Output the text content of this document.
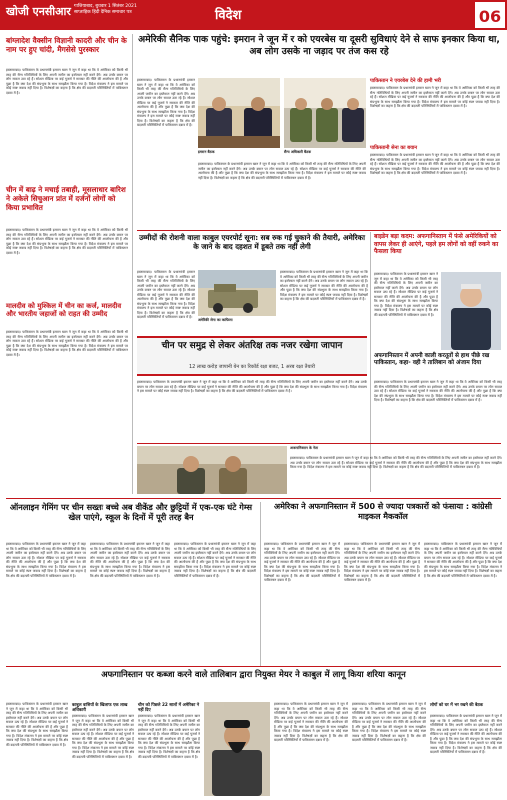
खोजी एनसीआर गाजियाबाद, बुधवार 1 सितंबर 2021
साप्ताहिक हिंदी दैनिक समाचार पत्र	विदेश	06
बांग्लादेश वैक्सीन विज्ञानी कादरी और चीन के नाम पर हुए चांदी, मैगसेसे पुरस्कार
इस्लामाबाद। पाकिस्तान के प्रधानमंत्री इमरान खान ने जून में कहा था कि वे अमेरिका को किसी भी तरह की सैन्य गतिविधियों के लिए अपनी जमीन का इस्तेमाल नहीं करने देंगे। अब उनके बयान पर लोग सवाल उठा रहे हैं। सोशल मीडिया पर कई यूजर्स ने सरकार की नीति की आलोचना की है और पूछा है कि क्या देश की संप्रभुता के साथ समझौता किया गया है। विदेश मंत्रालय ने इस मामले पर कोई स्पष्ट जवाब नहीं दिया है। विशेषज्ञों का कहना है कि क्षेत्र की बदलती परिस्थितियों में पाकिस्तान दबाव में है।
चीन में बाढ़ ने मचाई तबाही, मूसलाधार बारिश ने अकेले सिचुआन प्रांत में दर्जनों लोगों को किया प्रभावित
इस्लामाबाद। पाकिस्तान के प्रधानमंत्री इमरान खान ने जून में कहा था कि वे अमेरिका को किसी भी तरह की सैन्य गतिविधियों के लिए अपनी जमीन का इस्तेमाल नहीं करने देंगे। अब उनके बयान पर लोग सवाल उठा रहे हैं। सोशल मीडिया पर कई यूजर्स ने सरकार की नीति की आलोचना की है और पूछा है कि क्या देश की संप्रभुता के साथ समझौता किया गया है। विदेश मंत्रालय ने इस मामले पर कोई स्पष्ट जवाब नहीं दिया है। विशेषज्ञों का कहना है कि क्षेत्र की बदलती परिस्थितियों में पाकिस्तान दबाव में है।
मालदीव को मुश्किल में चीन का कर्ज, मालदीव और भारतीय जहाजों को राहत की उम्मीद
इस्लामाबाद। पाकिस्तान के प्रधानमंत्री इमरान खान ने जून में कहा था कि वे अमेरिका को किसी भी तरह की सैन्य गतिविधियों के लिए अपनी जमीन का इस्तेमाल नहीं करने देंगे। अब उनके बयान पर लोग सवाल उठा रहे हैं। सोशल मीडिया पर कई यूजर्स ने सरकार की नीति की आलोचना की है और पूछा है कि क्या देश की संप्रभुता के साथ समझौता किया गया है। विदेश मंत्रालय ने इस मामले पर कोई स्पष्ट जवाब नहीं दिया है। विशेषज्ञों का कहना है कि क्षेत्र की बदलती परिस्थितियों में पाकिस्तान दबाव में है।
अमेरिकी सैनिक पाक पहुंचे: इमरान ने जून में र को एयरबेस या दूसरी सुविधाएं देने से साफ इनकार किया था, अब लोग उसके ना जड़ाद पर तंज कस रहे
इस्लामाबाद। पाकिस्तान के प्रधानमंत्री इमरान खान ने जून में कहा था कि वे अमेरिका को किसी भी तरह की सैन्य गतिविधियों के लिए अपनी जमीन का इस्तेमाल नहीं करने देंगे। अब उनके बयान पर लोग सवाल उठा रहे हैं। सोशल मीडिया पर कई यूजर्स ने सरकार की नीति की आलोचना की है और पूछा है कि क्या देश की संप्रभुता के साथ समझौता किया गया है। विदेश मंत्रालय ने इस मामले पर कोई स्पष्ट जवाब नहीं दिया है। विशेषज्ञों का कहना है कि क्षेत्र की बदलती परिस्थितियों में पाकिस्तान दबाव में है।
इमरान बैठक	सैन्य अधिकारी बैठक
इस्लामाबाद। पाकिस्तान के प्रधानमंत्री इमरान खान ने जून में कहा था कि वे अमेरिका को किसी भी तरह की सैन्य गतिविधियों के लिए अपनी जमीन का इस्तेमाल नहीं करने देंगे। अब उनके बयान पर लोग सवाल उठा रहे हैं। सोशल मीडिया पर कई यूजर्स ने सरकार की नीति की आलोचना की है और पूछा है कि क्या देश की संप्रभुता के साथ समझौता किया गया है। विदेश मंत्रालय ने इस मामले पर कोई स्पष्ट जवाब नहीं दिया है। विशेषज्ञों का कहना है कि क्षेत्र की बदलती परिस्थितियों में पाकिस्तान दबाव में है।
पाकिस्तान ने एयरबेस देने की हामी भरी
इस्लामाबाद। पाकिस्तान के प्रधानमंत्री इमरान खान ने जून में कहा था कि वे अमेरिका को किसी भी तरह की सैन्य गतिविधियों के लिए अपनी जमीन का इस्तेमाल नहीं करने देंगे। अब उनके बयान पर लोग सवाल उठा रहे हैं। सोशल मीडिया पर कई यूजर्स ने सरकार की नीति की आलोचना की है और पूछा है कि क्या देश की संप्रभुता के साथ समझौता किया गया है। विदेश मंत्रालय ने इस मामले पर कोई स्पष्ट जवाब नहीं दिया है। विशेषज्ञों का कहना है कि क्षेत्र की बदलती परिस्थितियों में पाकिस्तान दबाव में है।
पाकिस्तानी सेना का बयान
इस्लामाबाद। पाकिस्तान के प्रधानमंत्री इमरान खान ने जून में कहा था कि वे अमेरिका को किसी भी तरह की सैन्य गतिविधियों के लिए अपनी जमीन का इस्तेमाल नहीं करने देंगे। अब उनके बयान पर लोग सवाल उठा रहे हैं। सोशल मीडिया पर कई यूजर्स ने सरकार की नीति की आलोचना की है और पूछा है कि क्या देश की संप्रभुता के साथ समझौता किया गया है। विदेश मंत्रालय ने इस मामले पर कोई स्पष्ट जवाब नहीं दिया है। विशेषज्ञों का कहना है कि क्षेत्र की बदलती परिस्थितियों में पाकिस्तान दबाव में है।
उम्मीदों की रोशनी वाला काबुल एयरपोर्ट सूना: सब रुक गई चुकाने की तैयारी, अमेरिका के जाने के बाद दहशत में डूबते तक नहीं लेगी
इस्लामाबाद। पाकिस्तान के प्रधानमंत्री इमरान खान ने जून में कहा था कि वे अमेरिका को किसी भी तरह की सैन्य गतिविधियों के लिए अपनी जमीन का इस्तेमाल नहीं करने देंगे। अब उनके बयान पर लोग सवाल उठा रहे हैं। सोशल मीडिया पर कई यूजर्स ने सरकार की नीति की आलोचना की है और पूछा है कि क्या देश की संप्रभुता के साथ समझौता किया गया है। विदेश मंत्रालय ने इस मामले पर कोई स्पष्ट जवाब नहीं दिया है। विशेषज्ञों का कहना है कि क्षेत्र की बदलती परिस्थितियों में पाकिस्तान दबाव में है।
अमेरिकी सेना का काफिला
इस्लामाबाद। पाकिस्तान के प्रधानमंत्री इमरान खान ने जून में कहा था कि वे अमेरिका को किसी भी तरह की सैन्य गतिविधियों के लिए अपनी जमीन का इस्तेमाल नहीं करने देंगे। अब उनके बयान पर लोग सवाल उठा रहे हैं। सोशल मीडिया पर कई यूजर्स ने सरकार की नीति की आलोचना की है और पूछा है कि क्या देश की संप्रभुता के साथ समझौता किया गया है। विदेश मंत्रालय ने इस मामले पर कोई स्पष्ट जवाब नहीं दिया है। विशेषज्ञों का कहना है कि क्षेत्र की बदलती परिस्थितियों में पाकिस्तान दबाव में है।
चीन पर समुद्र से लेकर अंतरिक्ष तक नजर रखेगा जापान
12 लाख करोड़ जापानी येन का रिकॉर्ड रक्षा बजट, 1 अरब रक्षा तैयारी
इस्लामाबाद। पाकिस्तान के प्रधानमंत्री इमरान खान ने जून में कहा था कि वे अमेरिका को किसी भी तरह की सैन्य गतिविधियों के लिए अपनी जमीन का इस्तेमाल नहीं करने देंगे। अब उनके बयान पर लोग सवाल उठा रहे हैं। सोशल मीडिया पर कई यूजर्स ने सरकार की नीति की आलोचना की है और पूछा है कि क्या देश की संप्रभुता के साथ समझौता किया गया है। विदेश मंत्रालय ने इस मामले पर कोई स्पष्ट जवाब नहीं दिया है। विशेषज्ञों का कहना है कि क्षेत्र की बदलती परिस्थितियों में पाकिस्तान दबाव में है।
बाइडेन बड़ा कदम: अफगानिस्तान में फंसे अमेरिकियों को वापस लेकर ही आएंगे, पहले हम लोगों को वहीं रुकने का फैसला किया
इस्लामाबाद। पाकिस्तान के प्रधानमंत्री इमरान खान ने जून में कहा था कि वे अमेरिका को किसी भी तरह की सैन्य गतिविधियों के लिए अपनी जमीन का इस्तेमाल नहीं करने देंगे। अब उनके बयान पर लोग सवाल उठा रहे हैं। सोशल मीडिया पर कई यूजर्स ने सरकार की नीति की आलोचना की है और पूछा है कि क्या देश की संप्रभुता के साथ समझौता किया गया है। विदेश मंत्रालय ने इस मामले पर कोई स्पष्ट जवाब नहीं दिया है। विशेषज्ञों का कहना है कि क्षेत्र की बदलती परिस्थितियों में पाकिस्तान दबाव में है।
अफगानिस्तान में अपनी काली करतूतों से हाथ पीछे रख पाकिस्तान, कहा- वही ने तालिबान को अंजाम दिया
इस्लामाबाद। पाकिस्तान के प्रधानमंत्री इमरान खान ने जून में कहा था कि वे अमेरिका को किसी भी तरह की सैन्य गतिविधियों के लिए अपनी जमीन का इस्तेमाल नहीं करने देंगे। अब उनके बयान पर लोग सवाल उठा रहे हैं। सोशल मीडिया पर कई यूजर्स ने सरकार की नीति की आलोचना की है और पूछा है कि क्या देश की संप्रभुता के साथ समझौता किया गया है। विदेश मंत्रालय ने इस मामले पर कोई स्पष्ट जवाब नहीं दिया है। विशेषज्ञों का कहना है कि क्षेत्र की बदलती परिस्थितियों में पाकिस्तान दबाव में है।
अफगानिस्तान के नेता
इस्लामाबाद। पाकिस्तान के प्रधानमंत्री इमरान खान ने जून में कहा था कि वे अमेरिका को किसी भी तरह की सैन्य गतिविधियों के लिए अपनी जमीन का इस्तेमाल नहीं करने देंगे। अब उनके बयान पर लोग सवाल उठा रहे हैं। सोशल मीडिया पर कई यूजर्स ने सरकार की नीति की आलोचना की है और पूछा है कि क्या देश की संप्रभुता के साथ समझौता किया गया है। विदेश मंत्रालय ने इस मामले पर कोई स्पष्ट जवाब नहीं दिया है। विशेषज्ञों का कहना है कि क्षेत्र की बदलती परिस्थितियों में पाकिस्तान दबाव में है।
ऑनलाइन गेमिंग पर चीन सख्तः बच्चे अब वीकेंड और छुट्टियों में एक-एक घंटे गेम्स खेल पाएंगे, स्कूल के दिनों में पूरी तरह बैन
इस्लामाबाद। पाकिस्तान के प्रधानमंत्री इमरान खान ने जून में कहा था कि वे अमेरिका को किसी भी तरह की सैन्य गतिविधियों के लिए अपनी जमीन का इस्तेमाल नहीं करने देंगे। अब उनके बयान पर लोग सवाल उठा रहे हैं। सोशल मीडिया पर कई यूजर्स ने सरकार की नीति की आलोचना की है और पूछा है कि क्या देश की संप्रभुता के साथ समझौता किया गया है। विदेश मंत्रालय ने इस मामले पर कोई स्पष्ट जवाब नहीं दिया है। विशेषज्ञों का कहना है कि क्षेत्र की बदलती परिस्थितियों में पाकिस्तान दबाव में है।
इस्लामाबाद। पाकिस्तान के प्रधानमंत्री इमरान खान ने जून में कहा था कि वे अमेरिका को किसी भी तरह की सैन्य गतिविधियों के लिए अपनी जमीन का इस्तेमाल नहीं करने देंगे। अब उनके बयान पर लोग सवाल उठा रहे हैं। सोशल मीडिया पर कई यूजर्स ने सरकार की नीति की आलोचना की है और पूछा है कि क्या देश की संप्रभुता के साथ समझौता किया गया है। विदेश मंत्रालय ने इस मामले पर कोई स्पष्ट जवाब नहीं दिया है। विशेषज्ञों का कहना है कि क्षेत्र की बदलती परिस्थितियों में पाकिस्तान दबाव में है।
इस्लामाबाद। पाकिस्तान के प्रधानमंत्री इमरान खान ने जून में कहा था कि वे अमेरिका को किसी भी तरह की सैन्य गतिविधियों के लिए अपनी जमीन का इस्तेमाल नहीं करने देंगे। अब उनके बयान पर लोग सवाल उठा रहे हैं। सोशल मीडिया पर कई यूजर्स ने सरकार की नीति की आलोचना की है और पूछा है कि क्या देश की संप्रभुता के साथ समझौता किया गया है। विदेश मंत्रालय ने इस मामले पर कोई स्पष्ट जवाब नहीं दिया है। विशेषज्ञों का कहना है कि क्षेत्र की बदलती परिस्थितियों में पाकिस्तान दबाव में है।
अमेरिका ने अफगानिस्तान में 500 से ज्यादा पत्रकारों को फंसाया : कांग्रेसी माइकल मैककॉल
इस्लामाबाद। पाकिस्तान के प्रधानमंत्री इमरान खान ने जून में कहा था कि वे अमेरिका को किसी भी तरह की सैन्य गतिविधियों के लिए अपनी जमीन का इस्तेमाल नहीं करने देंगे। अब उनके बयान पर लोग सवाल उठा रहे हैं। सोशल मीडिया पर कई यूजर्स ने सरकार की नीति की आलोचना की है और पूछा है कि क्या देश की संप्रभुता के साथ समझौता किया गया है। विदेश मंत्रालय ने इस मामले पर कोई स्पष्ट जवाब नहीं दिया है। विशेषज्ञों का कहना है कि क्षेत्र की बदलती परिस्थितियों में पाकिस्तान दबाव में है।
इस्लामाबाद। पाकिस्तान के प्रधानमंत्री इमरान खान ने जून में कहा था कि वे अमेरिका को किसी भी तरह की सैन्य गतिविधियों के लिए अपनी जमीन का इस्तेमाल नहीं करने देंगे। अब उनके बयान पर लोग सवाल उठा रहे हैं। सोशल मीडिया पर कई यूजर्स ने सरकार की नीति की आलोचना की है और पूछा है कि क्या देश की संप्रभुता के साथ समझौता किया गया है। विदेश मंत्रालय ने इस मामले पर कोई स्पष्ट जवाब नहीं दिया है। विशेषज्ञों का कहना है कि क्षेत्र की बदलती परिस्थितियों में पाकिस्तान दबाव में है।
इस्लामाबाद। पाकिस्तान के प्रधानमंत्री इमरान खान ने जून में कहा था कि वे अमेरिका को किसी भी तरह की सैन्य गतिविधियों के लिए अपनी जमीन का इस्तेमाल नहीं करने देंगे। अब उनके बयान पर लोग सवाल उठा रहे हैं। सोशल मीडिया पर कई यूजर्स ने सरकार की नीति की आलोचना की है और पूछा है कि क्या देश की संप्रभुता के साथ समझौता किया गया है। विदेश मंत्रालय ने इस मामले पर कोई स्पष्ट जवाब नहीं दिया है। विशेषज्ञों का कहना है कि क्षेत्र की बदलती परिस्थितियों में पाकिस्तान दबाव में है।
अफगानिस्तान पर कब्जा करने वाले तालिबान द्वारा नियुक्त मेयर ने काबुल में लागू किया शरिया कानून
इस्लामाबाद। पाकिस्तान के प्रधानमंत्री इमरान खान ने जून में कहा था कि वे अमेरिका को किसी भी तरह की सैन्य गतिविधियों के लिए अपनी जमीन का इस्तेमाल नहीं करने देंगे। अब उनके बयान पर लोग सवाल उठा रहे हैं। सोशल मीडिया पर कई यूजर्स ने सरकार की नीति की आलोचना की है और पूछा है कि क्या देश की संप्रभुता के साथ समझौता किया गया है। विदेश मंत्रालय ने इस मामले पर कोई स्पष्ट जवाब नहीं दिया है। विशेषज्ञों का कहना है कि क्षेत्र की बदलती परिस्थितियों में पाकिस्तान दबाव में है।
काबुल वासियों के खिलाफ एक लाख अधिकारी
इस्लामाबाद। पाकिस्तान के प्रधानमंत्री इमरान खान ने जून में कहा था कि वे अमेरिका को किसी भी तरह की सैन्य गतिविधियों के लिए अपनी जमीन का इस्तेमाल नहीं करने देंगे। अब उनके बयान पर लोग सवाल उठा रहे हैं। सोशल मीडिया पर कई यूजर्स ने सरकार की नीति की आलोचना की है और पूछा है कि क्या देश की संप्रभुता के साथ समझौता किया गया है। विदेश मंत्रालय ने इस मामले पर कोई स्पष्ट जवाब नहीं दिया है। विशेषज्ञों का कहना है कि क्षेत्र की बदलती परिस्थितियों में पाकिस्तान दबाव में है।
चीन को पिछले 22 सालों में अमेरिका ने नहीं दिए
इस्लामाबाद। पाकिस्तान के प्रधानमंत्री इमरान खान ने जून में कहा था कि वे अमेरिका को किसी भी तरह की सैन्य गतिविधियों के लिए अपनी जमीन का इस्तेमाल नहीं करने देंगे। अब उनके बयान पर लोग सवाल उठा रहे हैं। सोशल मीडिया पर कई यूजर्स ने सरकार की नीति की आलोचना की है और पूछा है कि क्या देश की संप्रभुता के साथ समझौता किया गया है। विदेश मंत्रालय ने इस मामले पर कोई स्पष्ट जवाब नहीं दिया है। विशेषज्ञों का कहना है कि क्षेत्र की बदलती परिस्थितियों में पाकिस्तान दबाव में है।
इस्लामाबाद। पाकिस्तान के प्रधानमंत्री इमरान खान ने जून में कहा था कि वे अमेरिका को किसी भी तरह की सैन्य गतिविधियों के लिए अपनी जमीन का इस्तेमाल नहीं करने देंगे। अब उनके बयान पर लोग सवाल उठा रहे हैं। सोशल मीडिया पर कई यूजर्स ने सरकार की नीति की आलोचना की है और पूछा है कि क्या देश की संप्रभुता के साथ समझौता किया गया है। विदेश मंत्रालय ने इस मामले पर कोई स्पष्ट जवाब नहीं दिया है। विशेषज्ञों का कहना है कि क्षेत्र की बदलती परिस्थितियों में पाकिस्तान दबाव में है।
इस्लामाबाद। पाकिस्तान के प्रधानमंत्री इमरान खान ने जून में कहा था कि वे अमेरिका को किसी भी तरह की सैन्य गतिविधियों के लिए अपनी जमीन का इस्तेमाल नहीं करने देंगे। अब उनके बयान पर लोग सवाल उठा रहे हैं। सोशल मीडिया पर कई यूजर्स ने सरकार की नीति की आलोचना की है और पूछा है कि क्या देश की संप्रभुता के साथ समझौता किया गया है। विदेश मंत्रालय ने इस मामले पर कोई स्पष्ट जवाब नहीं दिया है। विशेषज्ञों का कहना है कि क्षेत्र की बदलती परिस्थितियों में पाकिस्तान दबाव में है।
लोगों को घर में भर रखने की बैठक
इस्लामाबाद। पाकिस्तान के प्रधानमंत्री इमरान खान ने जून में कहा था कि वे अमेरिका को किसी भी तरह की सैन्य गतिविधियों के लिए अपनी जमीन का इस्तेमाल नहीं करने देंगे। अब उनके बयान पर लोग सवाल उठा रहे हैं। सोशल मीडिया पर कई यूजर्स ने सरकार की नीति की आलोचना की है और पूछा है कि क्या देश की संप्रभुता के साथ समझौता किया गया है। विदेश मंत्रालय ने इस मामले पर कोई स्पष्ट जवाब नहीं दिया है। विशेषज्ञों का कहना है कि क्षेत्र की बदलती परिस्थितियों में पाकिस्तान दबाव में है।
